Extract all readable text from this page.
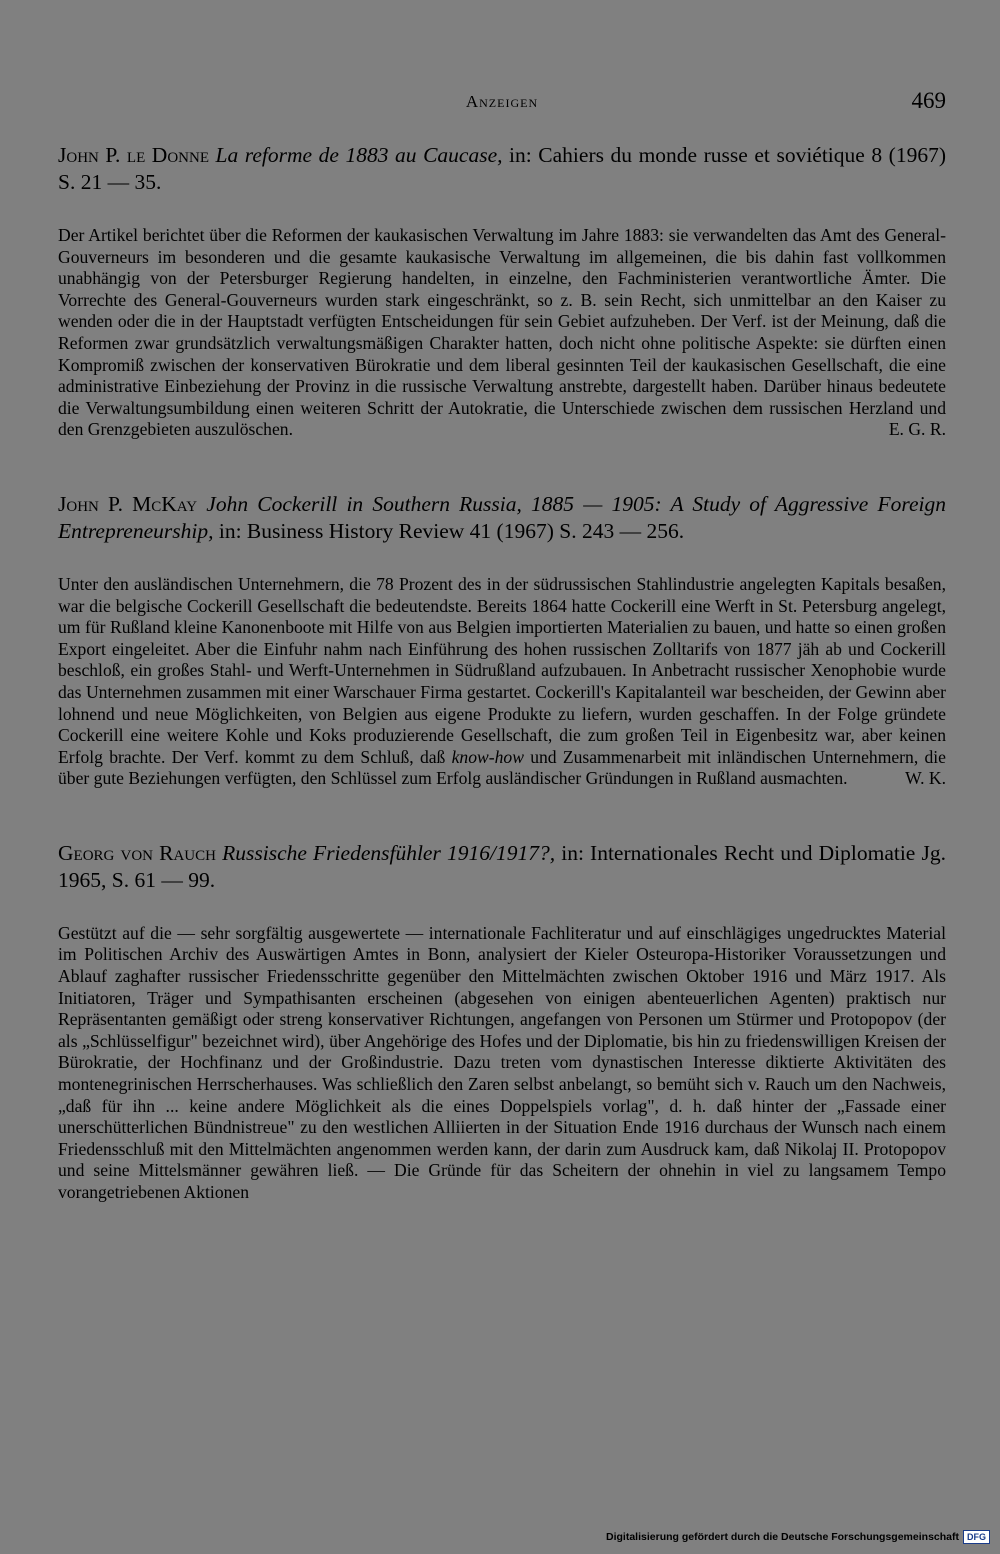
Anzeigen	469

John P. le Donne La reforme de 1883 au Caucase, in: Cahiers du monde russe et soviétique 8 (1967) S. 21 — 35.

Der Artikel berichtet über die Reformen der kaukasischen Verwaltung im Jahre 1883: sie verwandelten das Amt des General-Gouverneurs im besonderen und die gesamte kaukasische Verwaltung im allgemeinen, die bis dahin fast vollkommen unabhängig von der Petersburger Regierung handelten, in einzelne, den Fachministerien verantwortliche Ämter. Die Vorrechte des General-Gouverneurs wurden stark eingeschränkt, so z. B. sein Recht, sich unmittelbar an den Kaiser zu wenden oder die in der Hauptstadt verfügten Entscheidungen für sein Gebiet aufzuheben. Der Verf. ist der Meinung, daß die Reformen zwar grundsätzlich verwaltungsmäßigen Charakter hatten, doch nicht ohne politische Aspekte: sie dürften einen Kompromiß zwischen der konservativen Bürokratie und dem liberal gesinnten Teil der kaukasischen Gesellschaft, die eine administrative Einbeziehung der Provinz in die russische Verwaltung anstrebte, dargestellt haben. Darüber hinaus bedeutete die Verwaltungsumbildung einen weiteren Schritt der Autokratie, die Unterschiede zwischen dem russischen Herzland und den Grenzgebieten auszulöschen.	E. G. R.

John P. McKay John Cockerill in Southern Russia, 1885 — 1905: A Study of Aggressive Foreign Entrepreneurship, in: Business History Review 41 (1967) S. 243 — 256.

Unter den ausländischen Unternehmern, die 78 Prozent des in der südrussischen Stahlindustrie angelegten Kapitals besaßen, war die belgische Cockerill Gesellschaft die bedeutendste. Bereits 1864 hatte Cockerill eine Werft in St. Petersburg angelegt, um für Rußland kleine Kanonenboote mit Hilfe von aus Belgien importierten Materialien zu bauen, und hatte so einen großen Export eingeleitet. Aber die Einfuhr nahm nach Einführung des hohen russischen Zolltarifs von 1877 jäh ab und Cockerill beschloß, ein großes Stahl- und Werft-Unternehmen in Südrußland aufzubauen. In Anbetracht russischer Xenophobie wurde das Unternehmen zusammen mit einer Warschauer Firma gestartet. Cockerill's Kapitalanteil war bescheiden, der Gewinn aber lohnend und neue Möglichkeiten, von Belgien aus eigene Produkte zu liefern, wurden geschaffen. In der Folge gründete Cockerill eine weitere Kohle und Koks produzierende Gesellschaft, die zum großen Teil in Eigenbesitz war, aber keinen Erfolg brachte. Der Verf. kommt zu dem Schluß, daß know-how und Zusammenarbeit mit inländischen Unternehmern, die über gute Beziehungen verfügten, den Schlüssel zum Erfolg ausländischer Gründungen in Rußland ausmachten.	W. K.

Georg von Rauch Russische Friedensfühler 1916/1917?, in: Internationales Recht und Diplomatie Jg. 1965, S. 61 — 99.

Gestützt auf die — sehr sorgfältig ausgewertete — internationale Fachliteratur und auf einschlägiges ungedrucktes Material im Politischen Archiv des Auswärtigen Amtes in Bonn, analysiert der Kieler Osteuropa-Historiker Voraussetzungen und Ablauf zaghafter russischer Friedensschritte gegenüber den Mittelmächten zwischen Oktober 1916 und März 1917. Als Initiatoren, Träger und Sympathisanten erscheinen (abgesehen von einigen abenteuerlichen Agenten) praktisch nur Repräsentanten gemäßigt oder streng konservativer Richtungen, angefangen von Personen um Stürmer und Protopopov (der als „Schlüsselfigur" bezeichnet wird), über Angehörige des Hofes und der Diplomatie, bis hin zu friedenswilligen Kreisen der Bürokratie, der Hochfinanz und der Großindustrie. Dazu treten vom dynastischen Interesse diktierte Aktivitäten des montenegrinischen Herrscherhauses. Was schließlich den Zaren selbst anbelangt, so bemüht sich v. Rauch um den Nachweis, „daß für ihn ... keine andere Möglichkeit als die eines Doppelspiels vorlag", d. h. daß hinter der „Fassade einer unerschütterlichen Bündnistreue" zu den westlichen Alliierten in der Situation Ende 1916 durchaus der Wunsch nach einem Friedensschluß mit den Mittelmächten angenommen werden kann, der darin zum Ausdruck kam, daß Nikolaj II. Protopopov und seine Mittelsmänner gewähren ließ. — Die Gründe für das Scheitern der ohnehin in viel zu langsamem Tempo vorangetriebenen Aktionen

Digitalisierung gefördert durch die Deutsche Forschungsgemeinschaft DFG
